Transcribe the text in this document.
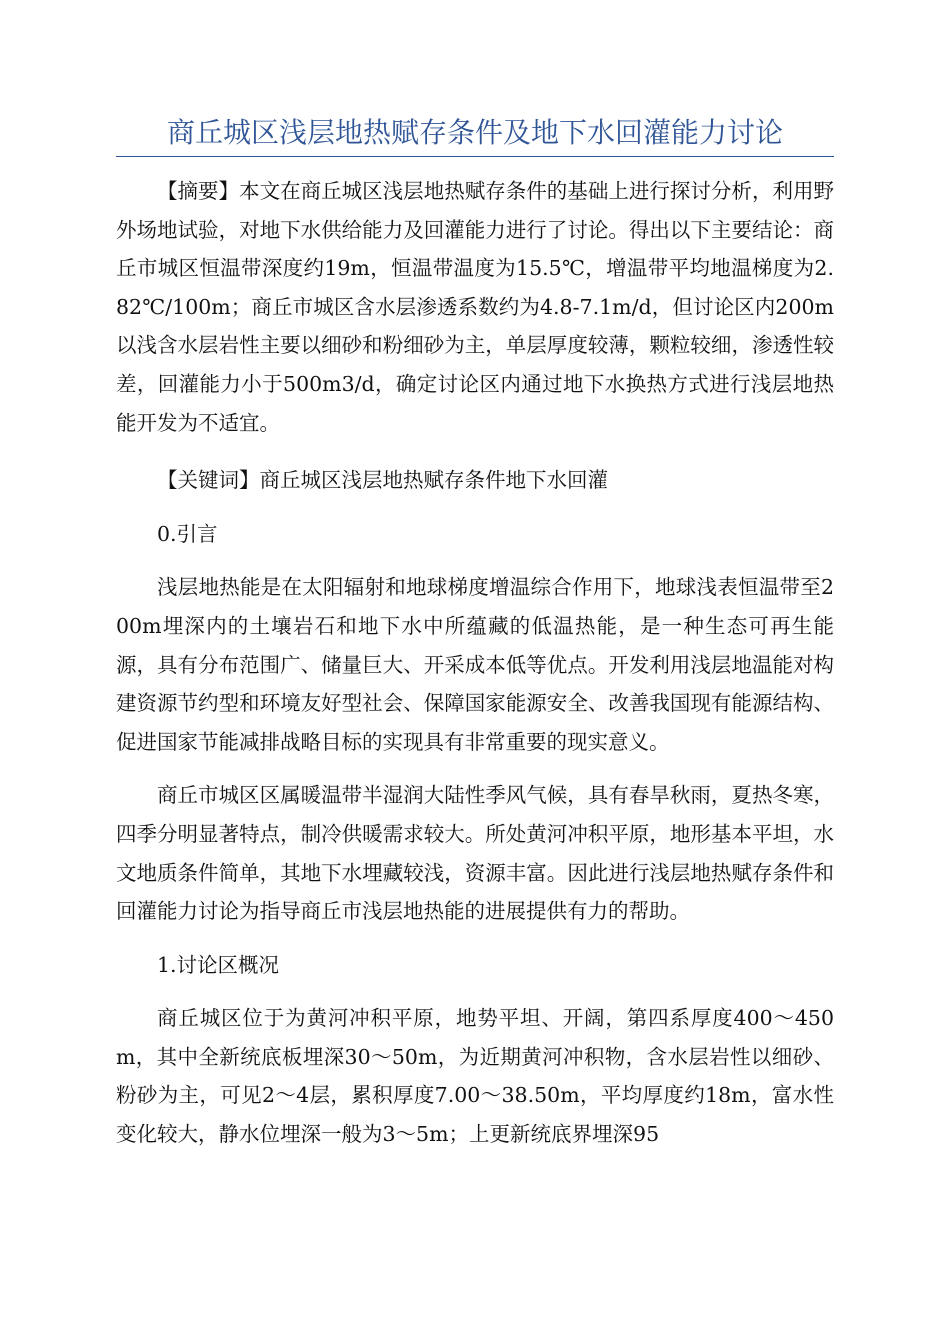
商丘城区浅层地热赋存条件及地下水回灌能力讨论

【摘要】本文在商丘城区浅层地热赋存条件的基础上进行探讨分析，利用野外场地试验，对地下水供给能力及回灌能力进行了讨论。得出以下主要结论：商丘市城区恒温带深度约19m，恒温带温度为15.5℃，增温带平均地温梯度为2.82℃/100m；商丘市城区含水层渗透系数约为4.8-7.1m/d，但讨论区内200m以浅含水层岩性主要以细砂和粉细砂为主，单层厚度较薄，颗粒较细，渗透性较差，回灌能力小于500m3/d，确定讨论区内通过地下水换热方式进行浅层地热能开发为不适宜。

【关键词】商丘城区浅层地热赋存条件地下水回灌

0.引言

浅层地热能是在太阳辐射和地球梯度增温综合作用下，地球浅表恒温带至200m埋深内的土壤岩石和地下水中所蕴藏的低温热能，是一种生态可再生能源，具有分布范围广、储量巨大、开采成本低等优点。开发利用浅层地温能对构建资源节约型和环境友好型社会、保障国家能源安全、改善我国现有能源结构、促进国家节能减排战略目标的实现具有非常重要的现实意义。

商丘市城区区属暖温带半湿润大陆性季风气候，具有春旱秋雨，夏热冬寒，四季分明显著特点，制冷供暖需求较大。所处黄河冲积平原，地形基本平坦，水文地质条件简单，其地下水埋藏较浅，资源丰富。因此进行浅层地热赋存条件和回灌能力讨论为指导商丘市浅层地热能的进展提供有力的帮助。

1.讨论区概况

商丘城区位于为黄河冲积平原，地势平坦、开阔，第四系厚度400～450m，其中全新统底板埋深30～50m，为近期黄河冲积物，含水层岩性以细砂、粉砂为主，可见2～4层，累积厚度7.00～38.50m，平均厚度约18m，富水性变化较大，静水位埋深一般为3～5m；上更新统底界埋深95
